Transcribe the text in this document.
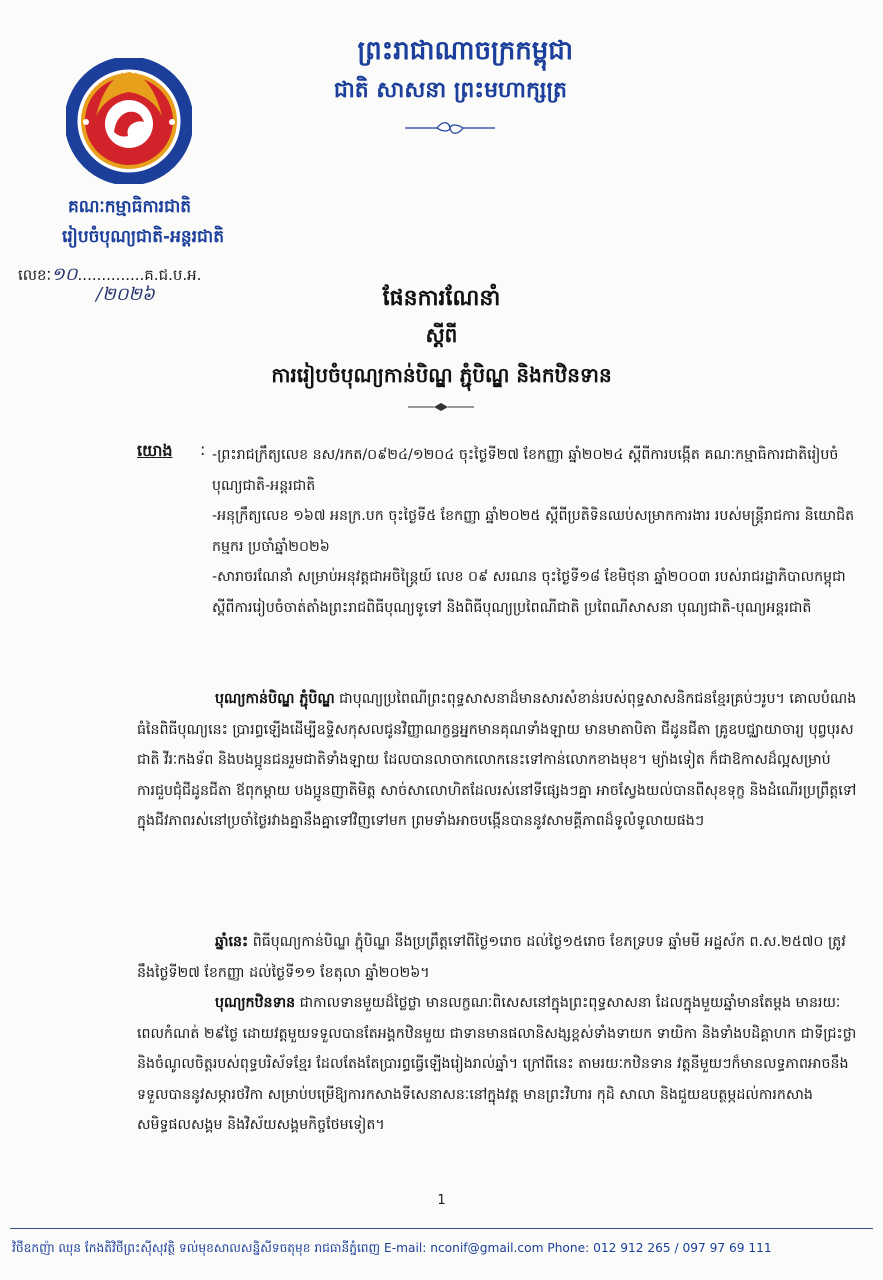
ព្រះរាជាណាចក្រកម្ពុជា
ជាតិ សាសនា ព្រះមហាក្សត្រ
គណៈកម្មាធិការជាតិ
រៀបចំបុណ្យជាតិ-អន្តរជាតិ
លេខៈ១០..............គ.ជ.ប.អ.
/២០២៦	ផែនការណែនាំ
ស្តីពី
ការរៀបចំបុណ្យកាន់បិណ្ឌ ភ្ជុំបិណ្ឌ និងកឋិនទាន
យោង : -ព្រះរាជក្រឹត្យលេខ នស/រកត/០៩២៤/១២០៤ ចុះថ្ងៃទី២៧ ខែកញ្ញា ឆ្នាំ២០២៤ ស្តីពីការបង្កើត គណៈកម្មាធិការជាតិរៀបចំបុណ្យជាតិ-អន្តរជាតិ
-អនុក្រឹត្យលេខ ១៦៧ អនក្រ.បក ចុះថ្ងៃទី៥ ខែកញ្ញា ឆ្នាំ២០២៥ ស្តីពីប្រតិទិនឈប់សម្រាកការងារ របស់មន្ត្រីរាជការ និយោជិត កម្មករ ប្រចាំឆ្នាំ២០២៦
-សារាចរណែនាំ សម្រាប់អនុវត្តជាអចិន្ត្រៃយ៍ លេខ ០៩ សរណន ចុះថ្ងៃទី១៨ ខែមិថុនា ឆ្នាំ២០០៣ របស់រាជរដ្ឋាភិបាលកម្ពុជា ស្តីពីការរៀបចំចាត់តាំងព្រះរាជពិធីបុណ្យទូទៅ និងពិធីបុណ្យប្រពៃណីជាតិ ប្រពៃណីសាសនា បុណ្យជាតិ-បុណ្យអន្តរជាតិ
បុណ្យកាន់បិណ្ឌ ភ្ជុំបិណ្ឌ ជាបុណ្យប្រពៃណីព្រះពុទ្ធសាសនាដ៏មានសារសំខាន់របស់ពុទ្ធសាសនិកជនខ្មែរគ្រប់ៗរូប។ គោលបំណងធំនៃពិធីបុណ្យនេះ ប្រារព្ធឡើងដើម្បីឧទ្ទិសកុសលជូនវិញ្ញាណក្ខន្ធអ្នកមានគុណទាំងឡាយ មានមាតាបិតា ជីដូនជីតា គ្រូឧបជ្ឈាយាចារ្យ បុព្វបុរសជាតិ វីរៈកងទ័ព និងបងប្អូនជនរួមជាតិទាំងឡាយ ដែលបានលាចាកលោកនេះទៅកាន់លោកខាងមុខ។ ម្យ៉ាងទៀត ក៏ជាឱកាសដ៏ល្អសម្រាប់ការជួបជុំជីដូនជីតា ឪពុកម្តាយ បងប្អូនញាតិមិត្ត សាច់សាលោហិតដែលរស់នៅទីផ្សេងៗគ្នា អាចស្វែងយល់បានពីសុខទុក្ខ និងដំណើរប្រព្រឹត្តទៅក្នុងជីវភាពរស់នៅប្រចាំថ្ងៃរវាងគ្នានឹងគ្នាទៅវិញទៅមក ព្រមទាំងអាចបង្កើនបាននូវសាមគ្គីភាពដ៏ទូលំទូលាយផងៗ
ឆ្នាំនេះ ពិធីបុណ្យកាន់បិណ្ឌ ភ្ជុំបិណ្ឌ នឹងប្រព្រឹត្តទៅពីថ្ងៃ១រោច ដល់ថ្ងៃ១៥រោច ខែភទ្របទ ឆ្នាំមមី អដ្ឋស័ក ព.ស.២៥៧០ ត្រូវនឹងថ្ងៃទី២៧ ខែកញ្ញា ដល់ថ្ងៃទី១១ ខែតុលា ឆ្នាំ២០២៦។
បុណ្យកឋិនទាន ជាកាលទានមួយដ៏ថ្លៃថ្លា មានលក្ខណៈពិសេសនៅក្នុងព្រះពុទ្ធសាសនា ដែលក្នុងមួយឆ្នាំមានតែម្តង មានរយៈពេលកំណត់ ២៩ថ្ងៃ ដោយវត្តមួយទទួលបានតែអង្គកឋិនមួយ ជាទានមានផលានិសង្សខ្ពស់ទាំងទាយក ទាយិកា និងទាំងបដិគ្គាហក ជាទីជ្រះថ្លា និងចំណូលចិត្តរបស់ពុទ្ធបរិស័ទខ្មែរ ដែលតែងតែប្រារព្ធធ្វើឡើងរៀងរាល់ឆ្នាំ។ ក្រៅពីនេះ តាមរយៈកឋិនទាន វត្តនីមួយៗក៏មានលទ្ធភាពអាចនឹងទទួលបាននូវសម្ភារថវិកា សម្រាប់បម្រើឱ្យការកសាងទីសេនាសនៈនៅក្នុងវត្ត មានព្រះវិហារ កុដិ សាលា និងជួយឧបត្ថម្ភដល់ការកសាងសមិទ្ធផលសង្គម និងវិស័យសង្គមកិច្ចថែមទៀត។
1
វិថីឧកញ៉ា ឈុន កែងតិវិថីព្រះស៊ីសុវត្ថិ ទល់មុខសាលសន្និសីទចតុមុខ រាជធានីភ្នំពេញ E-mail: nconif@gmail.com Phone: 012 912 265 / 097 97 69 111
